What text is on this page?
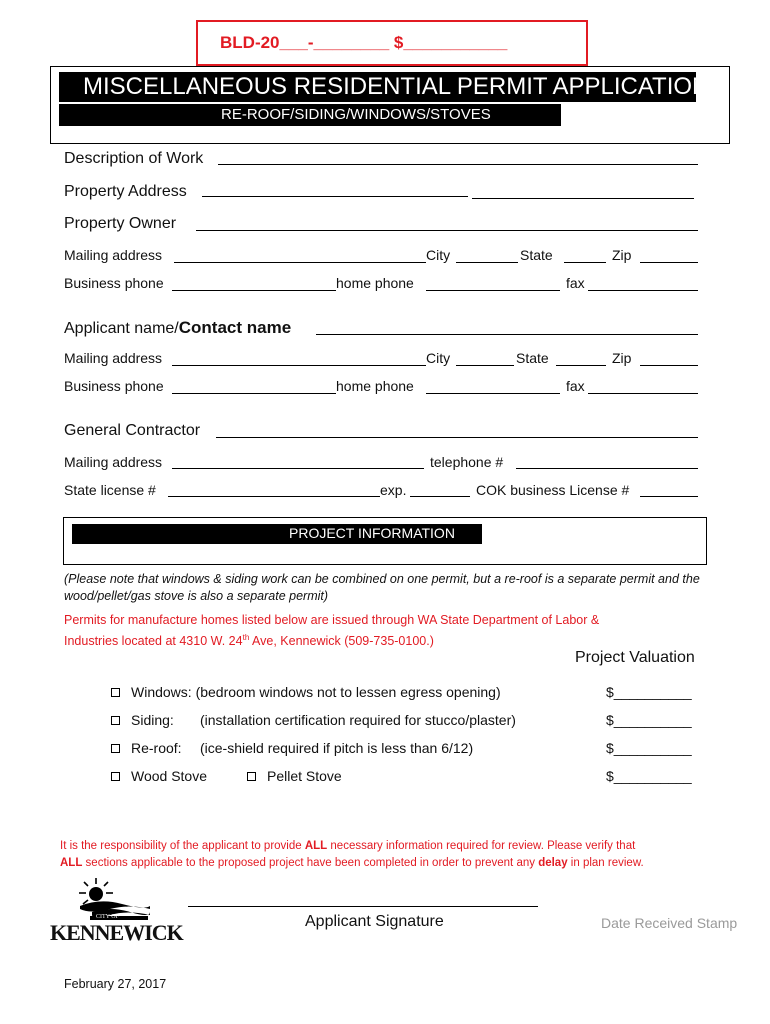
BLD-20___-________ $___________
MISCELLANEOUS RESIDENTIAL PERMIT APPLICATION
RE-ROOF/SIDING/WINDOWS/STOVES
Description of Work
Property Address
Property Owner
Mailing address	City	State	Zip
Business phone	home phone	fax
Applicant name/Contact name
Mailing address	City	State	Zip
Business phone	home phone	fax
General Contractor
Mailing address	telephone #
State license #	exp.	COK business License #
PROJECT INFORMATION
(Please note that windows & siding work can be combined on one permit, but a re-roof is a separate permit and the wood/pellet/gas stove is also a separate permit)
Permits for manufacture homes listed below are issued through WA State Department of Labor &
Industries located at 4310 W. 24th Ave, Kennewick (509-735-0100.)
Project Valuation
Windows: (bedroom windows not to lessen egress opening)	$__________
Siding: (installation certification required for stucco/plaster)	$__________
Re-roof: (ice-shield required if pitch is less than 6/12)	$__________
Wood Stove	Pellet Stove	$__________
It is the responsibility of the applicant to provide ALL necessary information required for review. Please verify that
ALL sections applicable to the proposed project have been completed in order to prevent any delay in plan review.
CITY OF
KENNEWICK	Applicant Signature	Date Received Stamp
February 27, 2017
